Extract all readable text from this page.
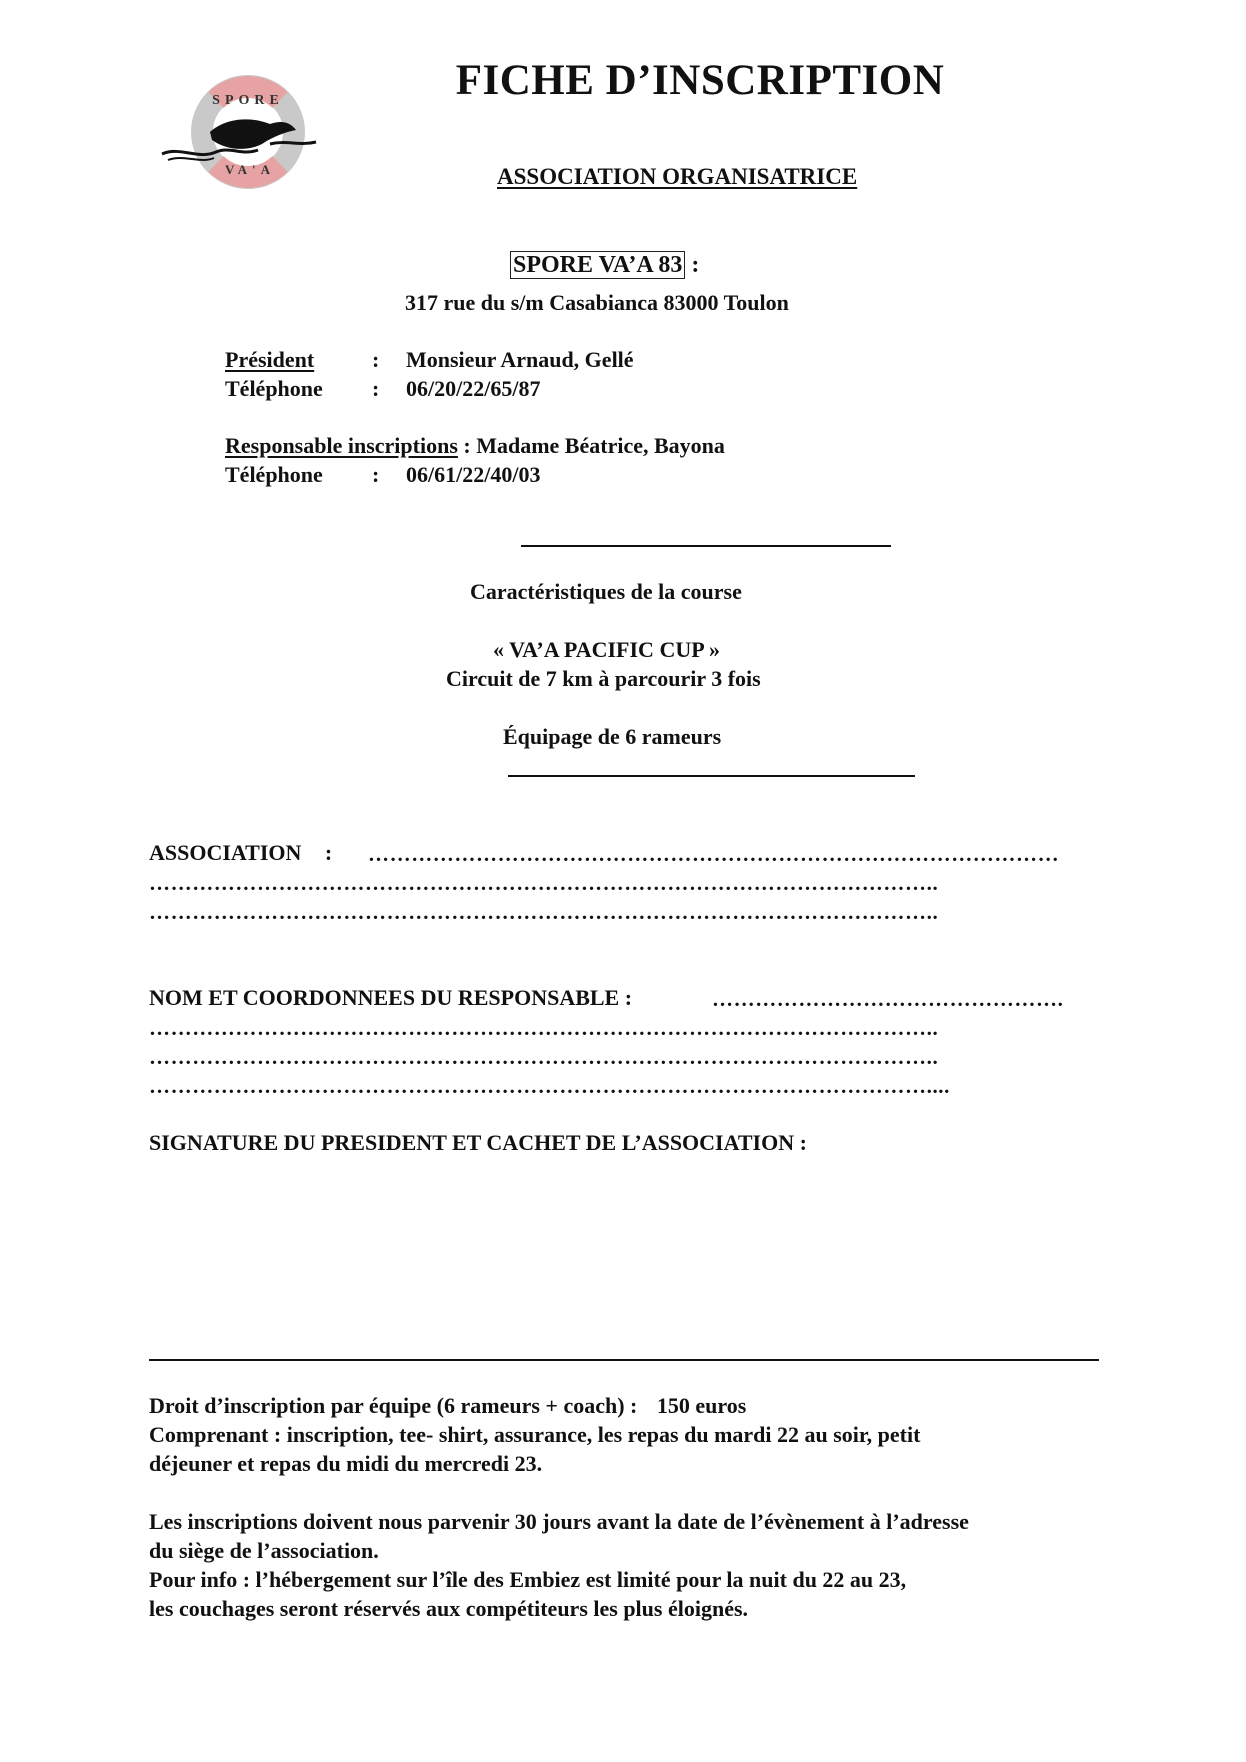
SPORE
VA'A
FICHE D’INSCRIPTION
ASSOCIATION ORGANISATRICE
SPORE VA’A 83 :
317 rue du s/m Casabianca 83000 Toulon
Président	: Monsieur Arnaud, Gellé
Téléphone : 06/20/22/65/87
Responsable inscriptions : Madame Béatrice, Bayona
Téléphone : 06/61/22/40/03
Caractéristiques de la course
« VA’A PACIFIC CUP »
Circuit de 7 km à parcourir 3 fois
Équipage de 6 rameurs
ASSOCIATION : ……………………………………………………………………………………
………………………………………………………………………………………………..
………………………………………………………………………………………………..
NOM ET COORDONNEES DU RESPONSABLE :	………………………………………….
………………………………………………………………………………………………..
………………………………………………………………………………………………..
………………………………………………………………………………………………....
SIGNATURE DU PRESIDENT ET CACHET DE L’ASSOCIATION :
Droit d’inscription par équipe (6 rameurs + coach) : 150 euros
Comprenant : inscription, tee- shirt, assurance, les repas du mardi 22 au soir, petit
déjeuner et repas du midi du mercredi 23.
Les inscriptions doivent nous parvenir 30 jours avant la date de l’évènement à l’adresse
du siège de l’association.
Pour info : l’hébergement sur l’île des Embiez est limité pour la nuit du 22 au 23,
les couchages seront réservés aux compétiteurs les plus éloignés.
